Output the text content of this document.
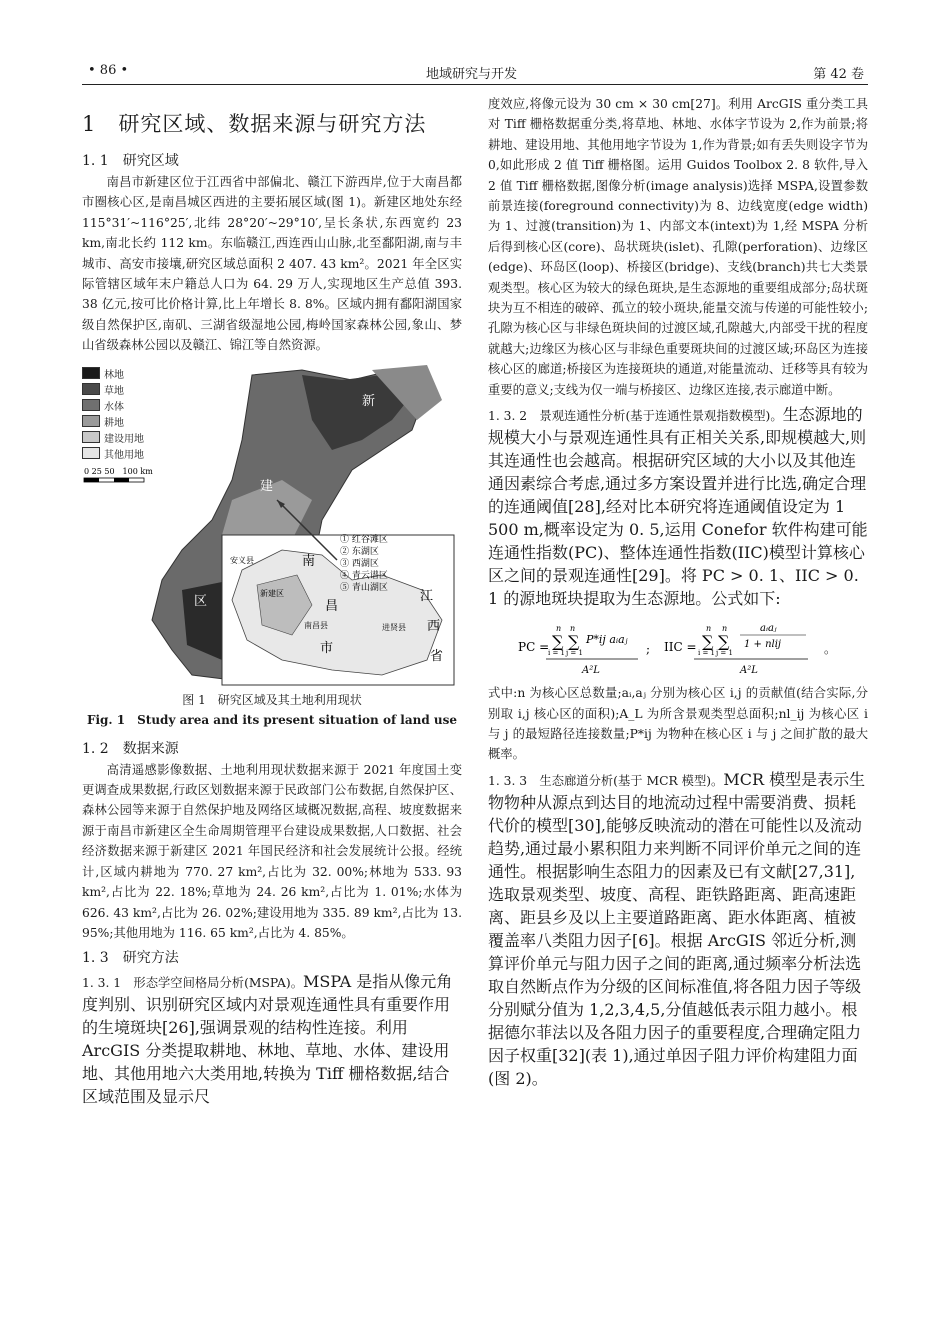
• 86 •	地域研究与开发	第 42 卷
1　研究区域、数据来源与研究方法
1. 1　研究区域

南昌市新建区位于江西省中部偏北、赣江下游西岸,位于大南昌都市圈核心区,是南昌城区西进的主要拓展区域(图 1)。新建区地处东经 115°31′~116°25′,北纬 28°20′~29°10′,呈长条状,东西宽约 23 km,南北长约 112 km。东临赣江,西连西山山脉,北至鄱阳湖,南与丰城市、高安市接壤,研究区域总面积 2 407. 43 km²。2021 年全区实际管辖区域年末户籍总人口为 64. 29 万人,实现地区生产总值 393. 38 亿元,按可比价格计算,比上年增长 8. 8%。区域内拥有鄱阳湖国家级自然保护区,南矶、三湖省级湿地公园,梅岭国家森林公园,象山、梦山省级森林公园以及赣江、锦江等自然资源。

新
建
区
0 25 50　100 km
南
昌
市
江
西
省
安义县
新建区
南昌县	进贤县
① 红谷滩区
② 东湖区
③ 西湖区
④ 青云谱区
⑤ 青山湖区
林地
草地
水体
耕地
建设用地
其他用地
图 1　研究区域及其土地利用现状
Fig. 1　Study area and its present situation of land use
1. 2　数据来源

高清遥感影像数据、土地利用现状数据来源于 2021 年度国土变更调查成果数据,行政区划数据来源于民政部门公布数据,自然保护区、森林公园等来源于自然保护地及网络区域概况数据,高程、坡度数据来源于南昌市新建区全生命周期管理平台建设成果数据,人口数据、社会经济数据来源于新建区 2021 年国民经济和社会发展统计公报。经统计,区域内耕地为 770. 27 km²,占比为 32. 00%;林地为 533. 93 km²,占比为 22. 18%;草地为 24. 26 km²,占比为 1. 01%;水体为 626. 43 km²,占比为 26. 02%;建设用地为 335. 89 km²,占比为 13. 95%;其他用地为 116. 65 km²,占比为 4. 85%。

1. 3　研究方法

1. 3. 1　形态学空间格局分析(MSPA)。MSPA 是指从像元角度判别、识别研究区域内对景观连通性具有重要作用的生境斑块[26],强调景观的结构性连接。利用 ArcGIS 分类提取耕地、林地、草地、水体、建设用地、其他用地六大类用地,转换为 Tiff 栅格数据,结合区域范围及显示尺

度效应,将像元设为 30 cm × 30 cm[27]。利用 ArcGIS 重分类工具对 Tiff 栅格数据重分类,将草地、林地、水体字节设为 2,作为前景;将耕地、建设用地、其他用地字节设为 1,作为背景;如有丢失则设字节为 0,如此形成 2 值 Tiff 栅格图。运用 Guidos Toolbox 2. 8 软件,导入 2 值 Tiff 栅格数据,图像分析(image analysis)选择 MSPA,设置参数前景连接(foreground connectivity)为 8、边线宽度(edge width)为 1、过渡(transition)为 1、内部文本(intext)为 1,经 MSPA 分析后得到核心区(core)、岛状斑块(islet)、孔隙(perforation)、边缘区(edge)、环岛区(loop)、桥接区(bridge)、支线(branch)共七大类景观类型。核心区为较大的绿色斑块,是生态源地的重要组成部分;岛状斑块为互不相连的破碎、孤立的较小斑块,能量交流与传递的可能性较小;孔隙为核心区与非绿色斑块间的过渡区域,孔隙越大,内部受干扰的程度就越大;边缘区为核心区与非绿色重要斑块间的过渡区域;环岛区为连接核心区的廊道;桥接区为连接斑块的通道,对能量流动、迁移等具有较为重要的意义;支线为仅一端与桥接区、边缘区连接,表示廊道中断。

1. 3. 2　景观连通性分析(基于连通性景观指数模型)。生态源地的规模大小与景观连通性具有正相关关系,即规模越大,则其连通性也会越高。根据研究区域的大小以及其他连通因素综合考虑,通过多方案设置并进行比选,确定合理的连通阈值[28],经对比本研究将连通阈值设定为 1 500 m,概率设定为 0. 5,运用 Conefor 软件构建可能连通性指数(PC)、整体连通性指数(IIC)模型计算核心区之间的景观连通性[29]。将 PC > 0. 1、IIC > 0. 1 的源地斑块提取为生态源地。公式如下:

PC =
n n
∑ ∑
i = 1 j = 1
P*ij aᵢaⱼ
A²L
; IIC =
n n
∑ ∑
i = 1 j = 1
aᵢaⱼ
1 + nlij
A²L
。

式中:n 为核心区总数量;aᵢ,aⱼ 分别为核心区 i,j 的贡献值(结合实际,分别取 i,j 核心区的面积);A_L 为所含景观类型总面积;nl_ij 为核心区 i 与 j 的最短路径连接数量;P*ij 为物种在核心区 i 与 j 之间扩散的最大概率。

1. 3. 3　生态廊道分析(基于 MCR 模型)。MCR 模型是表示生物物种从源点到达目的地流动过程中需要消费、损耗代价的模型[30],能够反映流动的潜在可能性以及流动趋势,通过最小累积阻力来判断不同评价单元之间的连通性。根据影响生态阻力的因素及已有文献[27,31],选取景观类型、坡度、高程、距铁路距离、距高速距离、距县乡及以上主要道路距离、距水体距离、植被覆盖率八类阻力因子[6]。根据 ArcGIS 邻近分析,测算评价单元与阻力因子之间的距离,通过频率分析法选取自然断点作为分级的区间标准值,将各阻力因子等级分别赋分值为 1,2,3,4,5,分值越低表示阻力越小。根据德尔菲法以及各阻力因子的重要程度,合理确定阻力因子权重[32](表 1),通过单因子阻力评价构建阻力面(图 2)。
